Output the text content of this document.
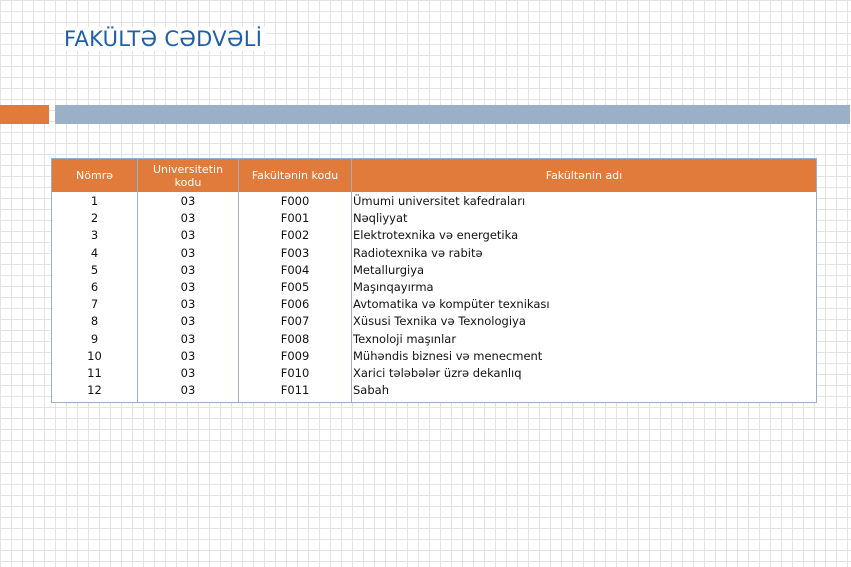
FAKÜLTƏ CƏDVƏLİ
Nömrə	Universitetin kodu	Fakültənin kodu	Fakültənin adı
1	03	F000	Ümumi universitet kafedraları
2	03	F001	Nəqliyyat
3	03	F002	Elektrotexnika və energetika
4	03	F003	Radiotexnika və rabitə
5	03	F004	Metallurgiya
6	03	F005	Maşınqayırma
7	03	F006	Avtomatika və kompüter texnikası
8	03	F007	Xüsusi Texnika və Texnologiya
9	03	F008	Texnoloji maşınlar
10	03	F009	Mühəndis biznesi və menecment
11	03	F010	Xarici tələbələr üzrə dekanlıq
12	03	F011	Sabah
